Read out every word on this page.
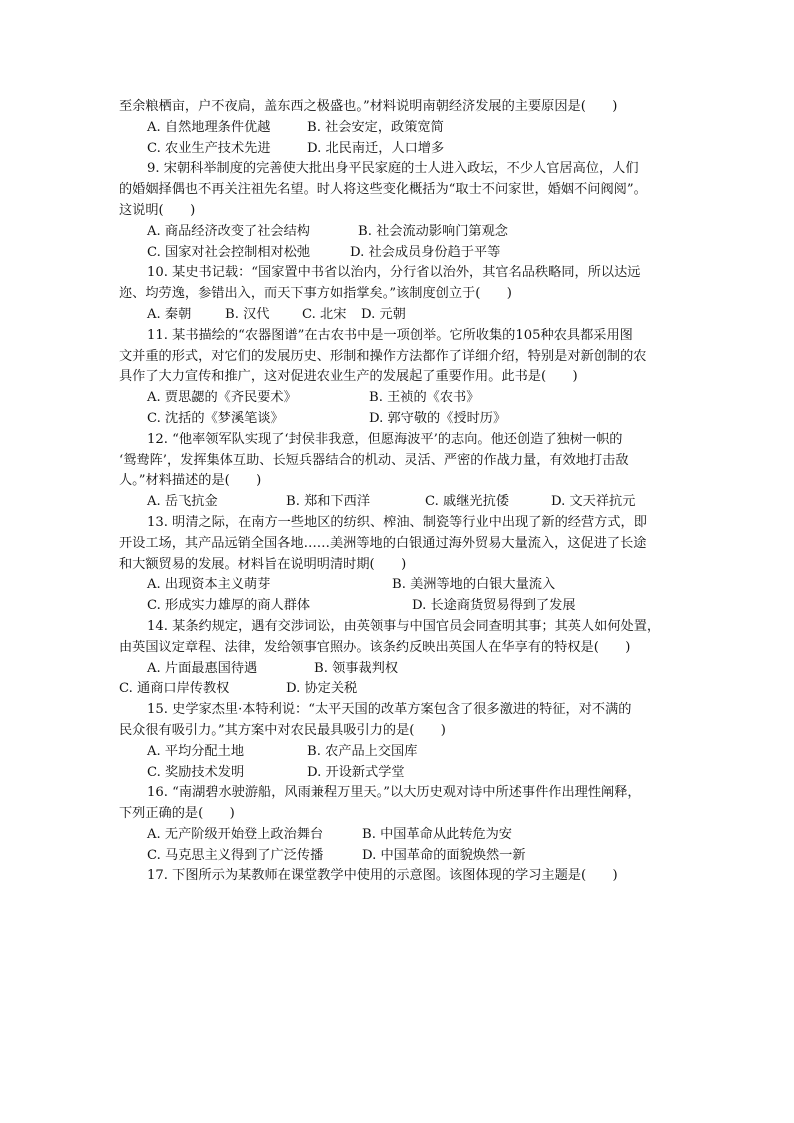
至余粮栖亩，户不夜扃，盖东西之极盛也。”材料说明南朝经济发展的主要原因是(　　)
A. 自然地理条件优越	B. 社会安定，政策宽简
C. 农业生产技术先进	D. 北民南迁，人口增多
9. 宋朝科举制度的完善使大批出身平民家庭的士人进入政坛，不少人官居高位，人们
的婚姻择偶也不再关注祖先名望。时人将这些变化概括为“取士不问家世，婚姻不问阀阅”。
这说明(　　)
A. 商品经济改变了社会结构	B. 社会流动影响门第观念
C. 国家对社会控制相对松弛	D. 社会成员身份趋于平等
10. 某史书记载：“国家置中书省以治内，分行省以治外，其官名品秩略同，所以达远
迩、均劳逸，参错出入，而天下事方如指掌矣。”该制度创立于(　　)
A. 秦朝	B. 汉代	C. 北宋	D. 元朝
11. 某书描绘的“农器图谱”在古农书中是一项创举。它所收集的105种农具都采用图
文并重的形式，对它们的发展历史、形制和操作方法都作了详细介绍，特别是对新创制的农
具作了大力宣传和推广，这对促进农业生产的发展起了重要作用。此书是(　　)
A. 贾思勰的《齐民要术》	B. 王祯的《农书》
C. 沈括的《梦溪笔谈》	D. 郭守敬的《授时历》
12. “他率领军队实现了‘封侯非我意，但愿海波平’的志向。他还创造了独树一帜的
‘鸳鸯阵’，发挥集体互助、长短兵器结合的机动、灵活、严密的作战力量，有效地打击敌
人。”材料描述的是(　　)
A. 岳飞抗金	B. 郑和下西洋	C. 戚继光抗倭	D. 文天祥抗元
13. 明清之际，在南方一些地区的纺织、榨油、制瓷等行业中出现了新的经营方式，即
开设工场，其产品远销全国各地……美洲等地的白银通过海外贸易大量流入，这促进了长途
和大额贸易的发展。材料旨在说明明清时期(　　)
A. 出现资本主义萌芽	B. 美洲等地的白银大量流入
C. 形成实力雄厚的商人群体	D. 长途商货贸易得到了发展
14. 某条约规定，遇有交涉词讼，由英领事与中国官员会同查明其事；其英人如何处置，
由英国议定章程、法律，发给领事官照办。该条约反映出英国人在华享有的特权是(　　)
A. 片面最惠国待遇	B. 领事裁判权
C. 通商口岸传教权	D. 协定关税
15. 史学家杰里·本特利说：“太平天国的改革方案包含了很多激进的特征，对不满的
民众很有吸引力。”其方案中对农民最具吸引力的是(　　)
A. 平均分配土地	B. 农产品上交国库
C. 奖励技术发明	D. 开设新式学堂
16. “南湖碧水驶游船，风雨兼程万里天。”以大历史观对诗中所述事件作出理性阐释，
下列正确的是(　　)
A. 无产阶级开始登上政治舞台	B. 中国革命从此转危为安
C. 马克思主义得到了广泛传播	D. 中国革命的面貌焕然一新
17. 下图所示为某教师在课堂教学中使用的示意图。该图体现的学习主题是(　　)
